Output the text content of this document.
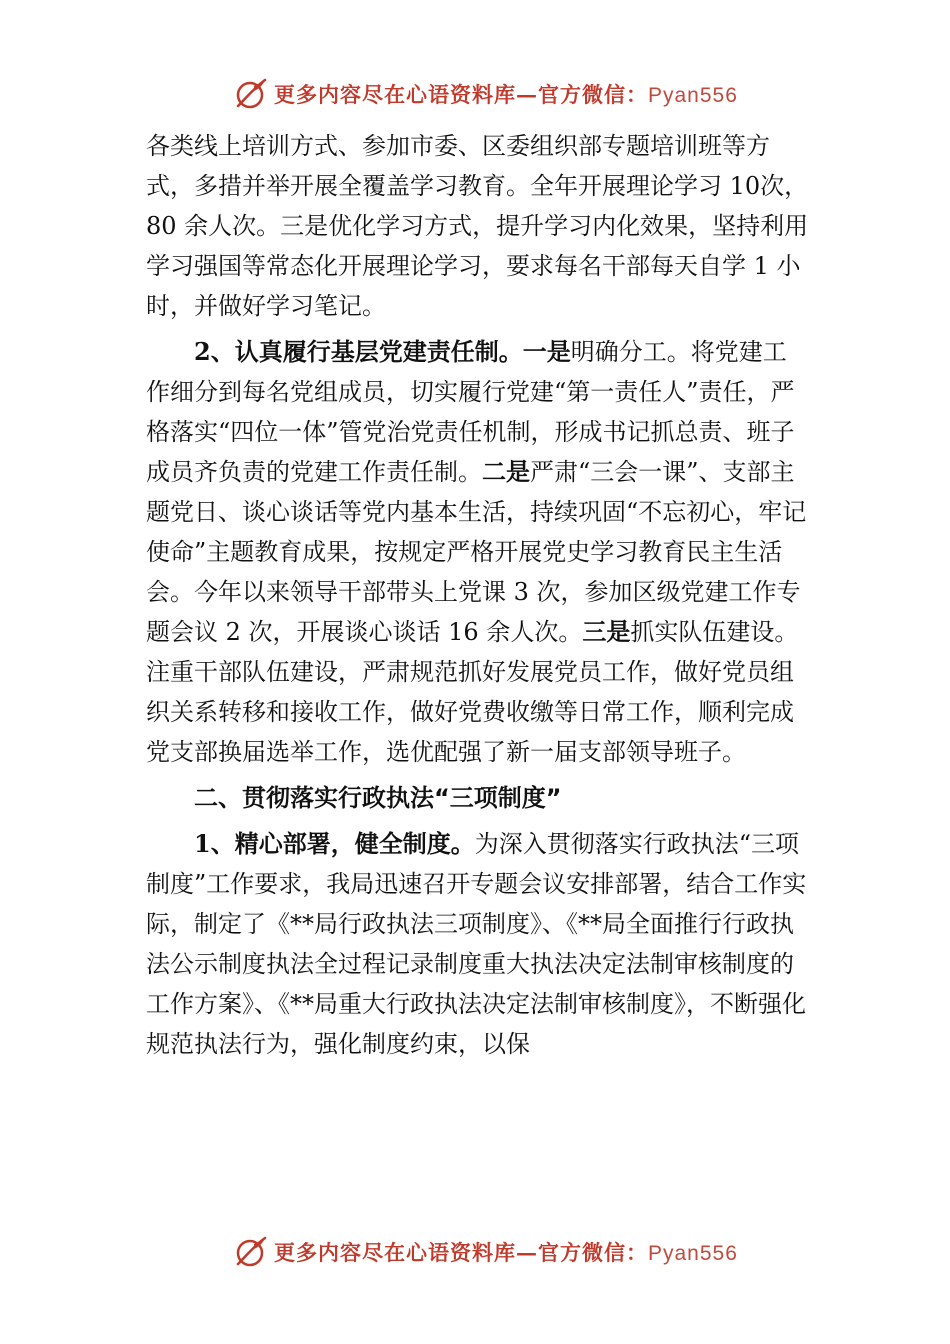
更多内容尽在心语资料库—官方微信：Pyan556

各类线上培训方式、参加市委、区委组织部专题培训班等方式，多措并举开展全覆盖学习教育。全年开展理论学习 10次，80 余人次。三是优化学习方式，提升学习内化效果，坚持利用学习强国等常态化开展理论学习，要求每名干部每天自学 1 小时，并做好学习笔记。

2、认真履行基层党建责任制。一是明确分工。将党建工作细分到每名党组成员，切实履行党建“第一责任人”责任，严格落实“四位一体”管党治党责任机制，形成书记抓总责、班子成员齐负责的党建工作责任制。二是严肃“三会一课”、支部主题党日、谈心谈话等党内基本生活，持续巩固“不忘初心，牢记使命”主题教育成果，按规定严格开展党史学习教育民主生活会。今年以来领导干部带头上党课 3 次，参加区级党建工作专题会议 2 次，开展谈心谈话 16 余人次。三是抓实队伍建设。注重干部队伍建设，严肃规范抓好发展党员工作，做好党员组织关系转移和接收工作，做好党费收缴等日常工作，顺利完成党支部换届选举工作，选优配强了新一届支部领导班子。

二、贯彻落实行政执法“三项制度”

1、精心部署，健全制度。为深入贯彻落实行政执法“三项制度”工作要求，我局迅速召开专题会议安排部署，结合工作实际，制定了《**局行政执法三项制度》、《**局全面推行行政执法公示制度执法全过程记录制度重大执法决定法制审核制度的工作方案》、《**局重大行政执法决定法制审核制度》，不断强化规范执法行为，强化制度约束，以保

更多内容尽在心语资料库—官方微信：Pyan556
